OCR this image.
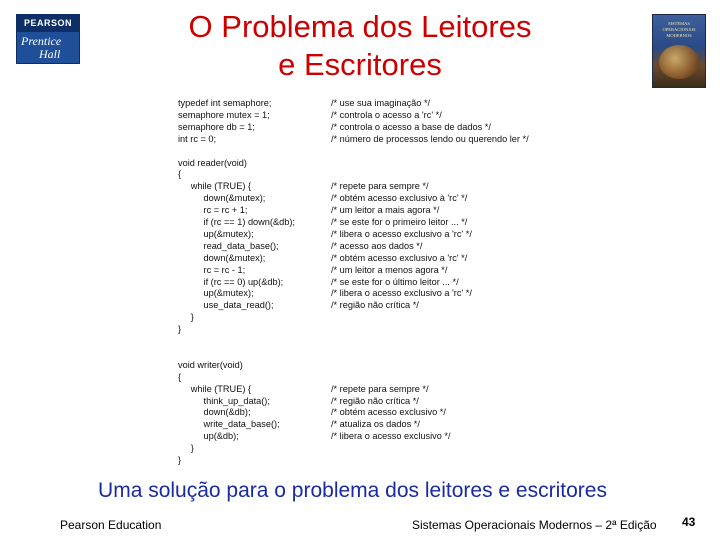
PEARSON
Prentice
Hall
O Problema dos Leitores
e Escritores
SISTEMAS OPERACIONAIS MODERNOS
typedef int semaphore;	/* use sua imaginação */
semaphore mutex = 1;	/* controla o acesso a 'rc' */
semaphore db = 1;	/* controla o acesso a base de dados */
int rc = 0;	/* número de processos lendo ou querendo ler */
void reader(void)
{
while (TRUE) {	/* repete para sempre */
down(&mutex);	/* obtém acesso exclusivo à 'rc' */
rc = rc + 1;	/* um leitor a mais agora */
if (rc == 1) down(&db);	/* se este for o primeiro leitor ... */
up(&mutex);	/* libera o acesso exclusivo a 'rc' */
read_data_base();	/* acesso aos dados */
down(&mutex);	/* obtém acesso exclusivo a 'rc' */
rc = rc - 1;	/* um leitor a menos agora */
if (rc == 0) up(&db);	/* se este for o último leitor ... */
up(&mutex);	/* libera o acesso exclusivo a 'rc' */
use_data_read();	/* região não crítica */
}
}
void writer(void)
{
while (TRUE) {	/* repete para sempre */
think_up_data();	/* região não crítica */
down(&db);	/* obtém acesso exclusivo */
write_data_base();	/* atualiza os dados */
up(&db);	/* libera o acesso exclusivo */
}
}
Uma solução para o problema dos leitores e escritores
Pearson Education	Sistemas Operacionais Modernos – 2ª Edição 43
